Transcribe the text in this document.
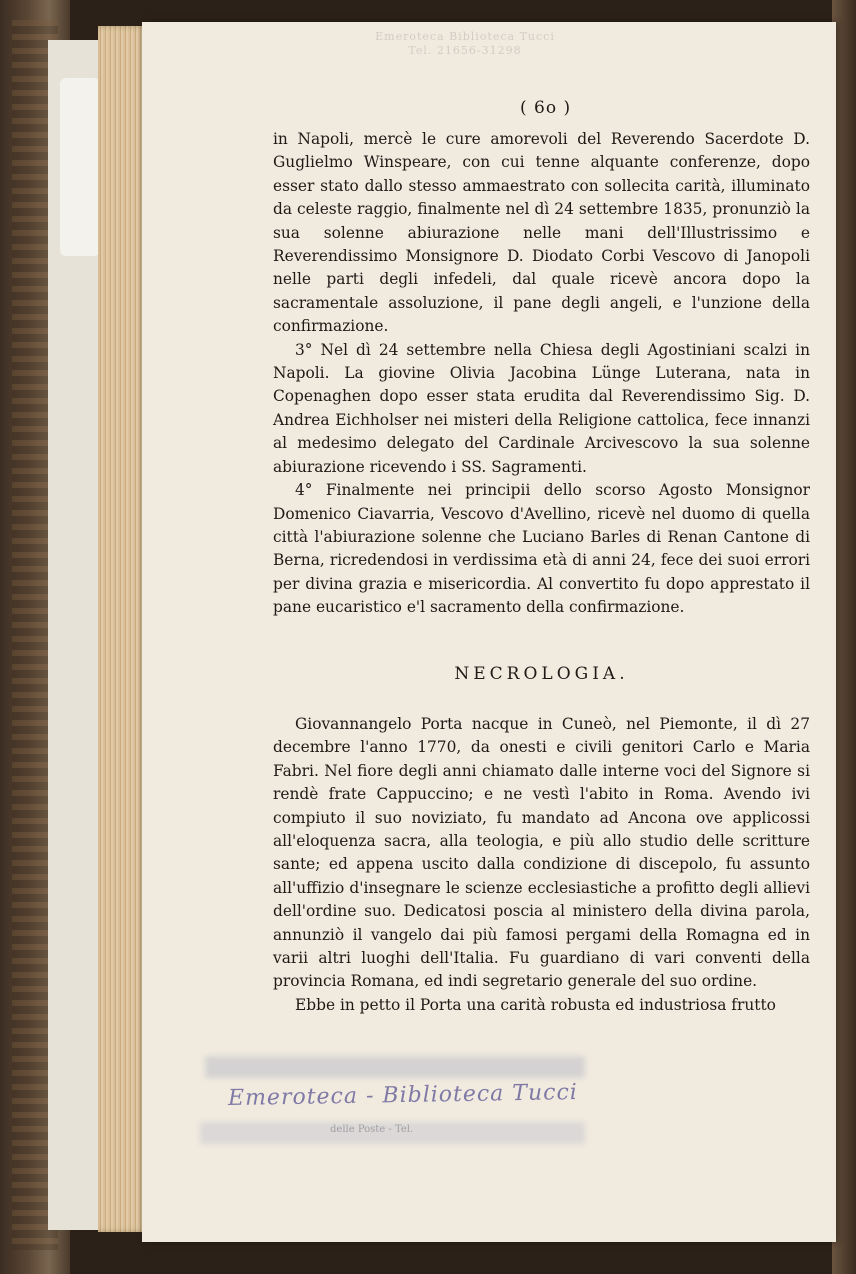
Emeroteca Biblioteca Tucci
Tel. 21656-31298
( 6o )

in Napoli, mercè le cure amorevoli del Reverendo Sacerdote D. Guglielmo Winspeare, con cui tenne alquante conferenze, dopo esser stato dallo stesso ammaestrato con sollecita carità, illuminato da celeste raggio, finalmente nel dì 24 settembre 1835, pronunziò la sua solenne abiurazione nelle mani dell'Illustrissimo e Reverendissimo Monsignore D. Diodato Corbi Vescovo di Janopoli nelle parti degli infedeli, dal quale ricevè ancora dopo la sacramentale assoluzione, il pane degli angeli, e l'unzione della confirmazione.

3° Nel dì 24 settembre nella Chiesa degli Agostiniani scalzi in Napoli. La giovine Olivia Jacobina Lünge Luterana, nata in Copenaghen dopo esser stata erudita dal Reverendissimo Sig. D. Andrea Eichholser nei misteri della Religione cattolica, fece innanzi al medesimo delegato del Cardinale Arcivescovo la sua solenne abiurazione ricevendo i SS. Sagramenti.

4° Finalmente nei principii dello scorso Agosto Monsignor Domenico Ciavarria, Vescovo d'Avellino, ricevè nel duomo di quella città l'abiurazione solenne che Luciano Barles di Renan Cantone di Berna, ricredendosi in verdissima età di anni 24, fece dei suoi errori per divina grazia e misericordia. Al convertito fu dopo apprestato il pane eucaristico e'l sacramento della confirmazione.

NECROLOGIA.

Giovannangelo Porta nacque in Cuneò, nel Piemonte, il dì 27 decembre l'anno 1770, da onesti e civili genitori Carlo e Maria Fabri. Nel fiore degli anni chiamato dalle interne voci del Signore si rendè frate Cappuccino; e ne vestì l'abito in Roma. Avendo ivi compiuto il suo noviziato, fu mandato ad Ancona ove applicossi all'eloquenza sacra, alla teologia, e più allo studio delle scritture sante; ed appena uscito dalla condizione di discepolo, fu assunto all'uffizio d'insegnare le scienze ecclesiastiche a profitto degli allievi dell'ordine suo. Dedicatosi poscia al ministero della divina parola, annunziò il vangelo dai più famosi pergami della Romagna ed in varii altri luoghi dell'Italia. Fu guardiano di vari conventi della provincia Romana, ed indi segretario generale del suo ordine.

Ebbe in petto il Porta una carità robusta ed industriosa frutto

Emeroteca - Biblioteca Tucci
delle Poste - Tel.
